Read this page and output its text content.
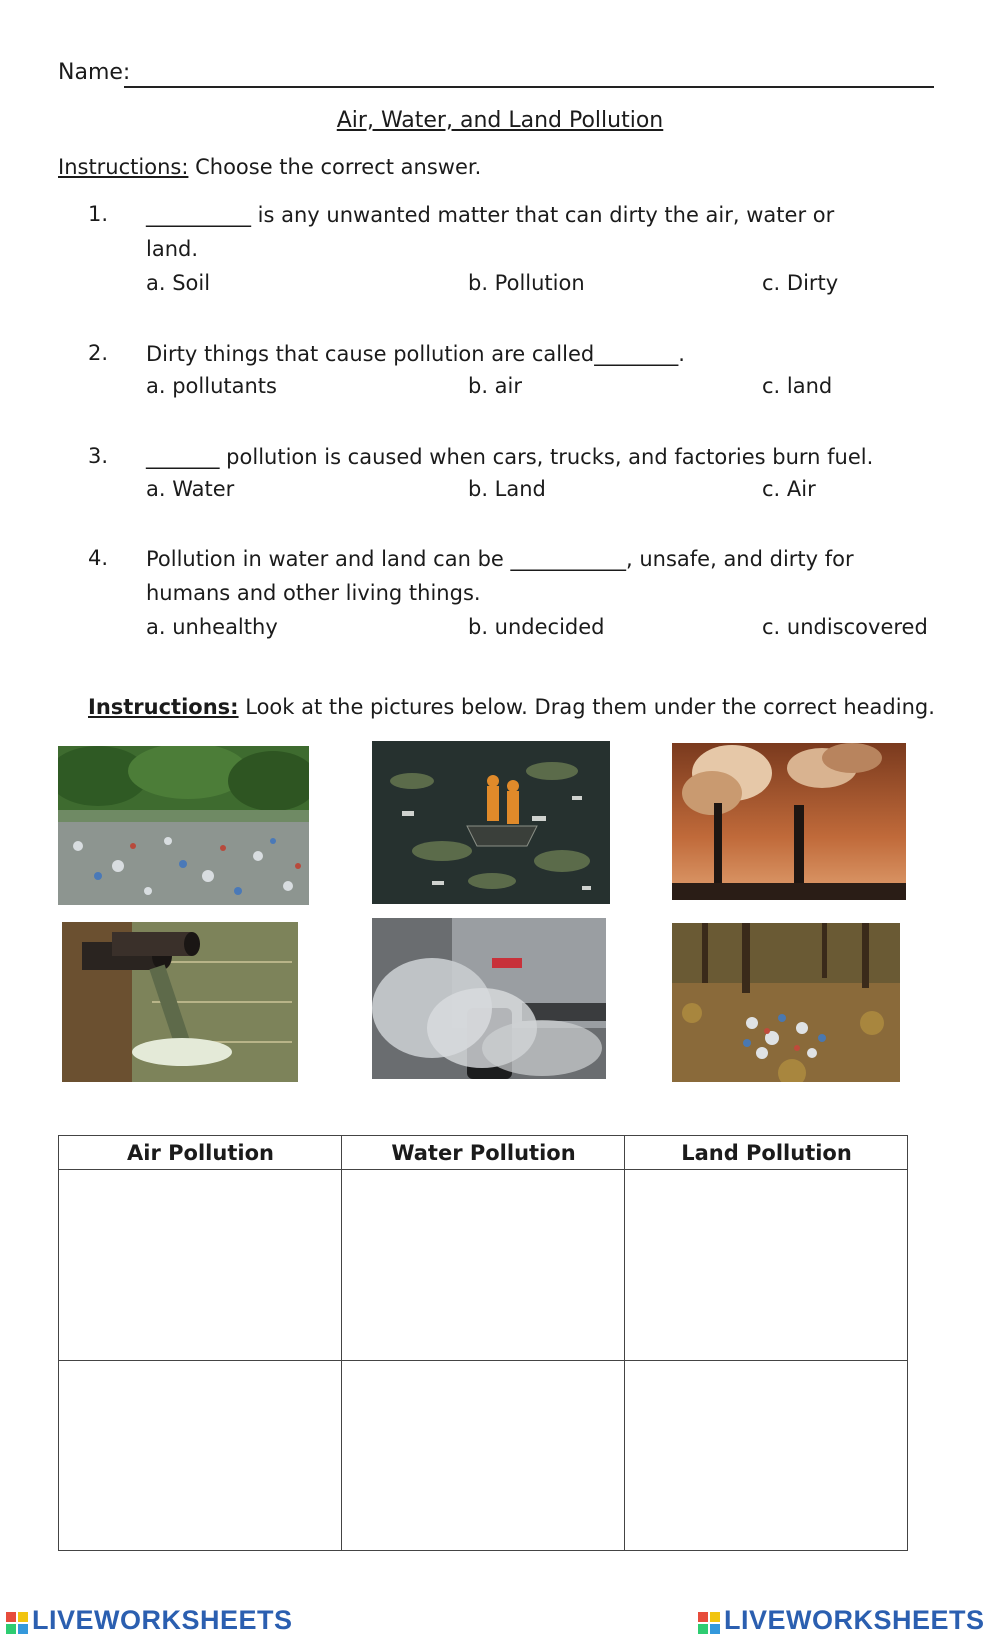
Name:
Air, Water, and Land Pollution
Instructions: Choose the correct answer.
1. __________ is any unwanted matter that can dirty the air, water or
land.
a. Soil	b. Pollution	c. Dirty
2. Dirty things that cause pollution are called________.
a. pollutants	b. air	c. land
3. _______ pollution is caused when cars, trucks, and factories burn fuel.
a. Water	b. Land	c. Air
4. Pollution in water and land can be ___________, unsafe, and dirty for
humans and other living things.
a. unhealthy	b. undecided	c. undiscovered
Instructions: Look at the pictures below. Drag them under the correct heading.
Air Pollution	Water Pollution	Land Pollution
LIVEWORKSHEETS	LIVEWORKSHEETS
